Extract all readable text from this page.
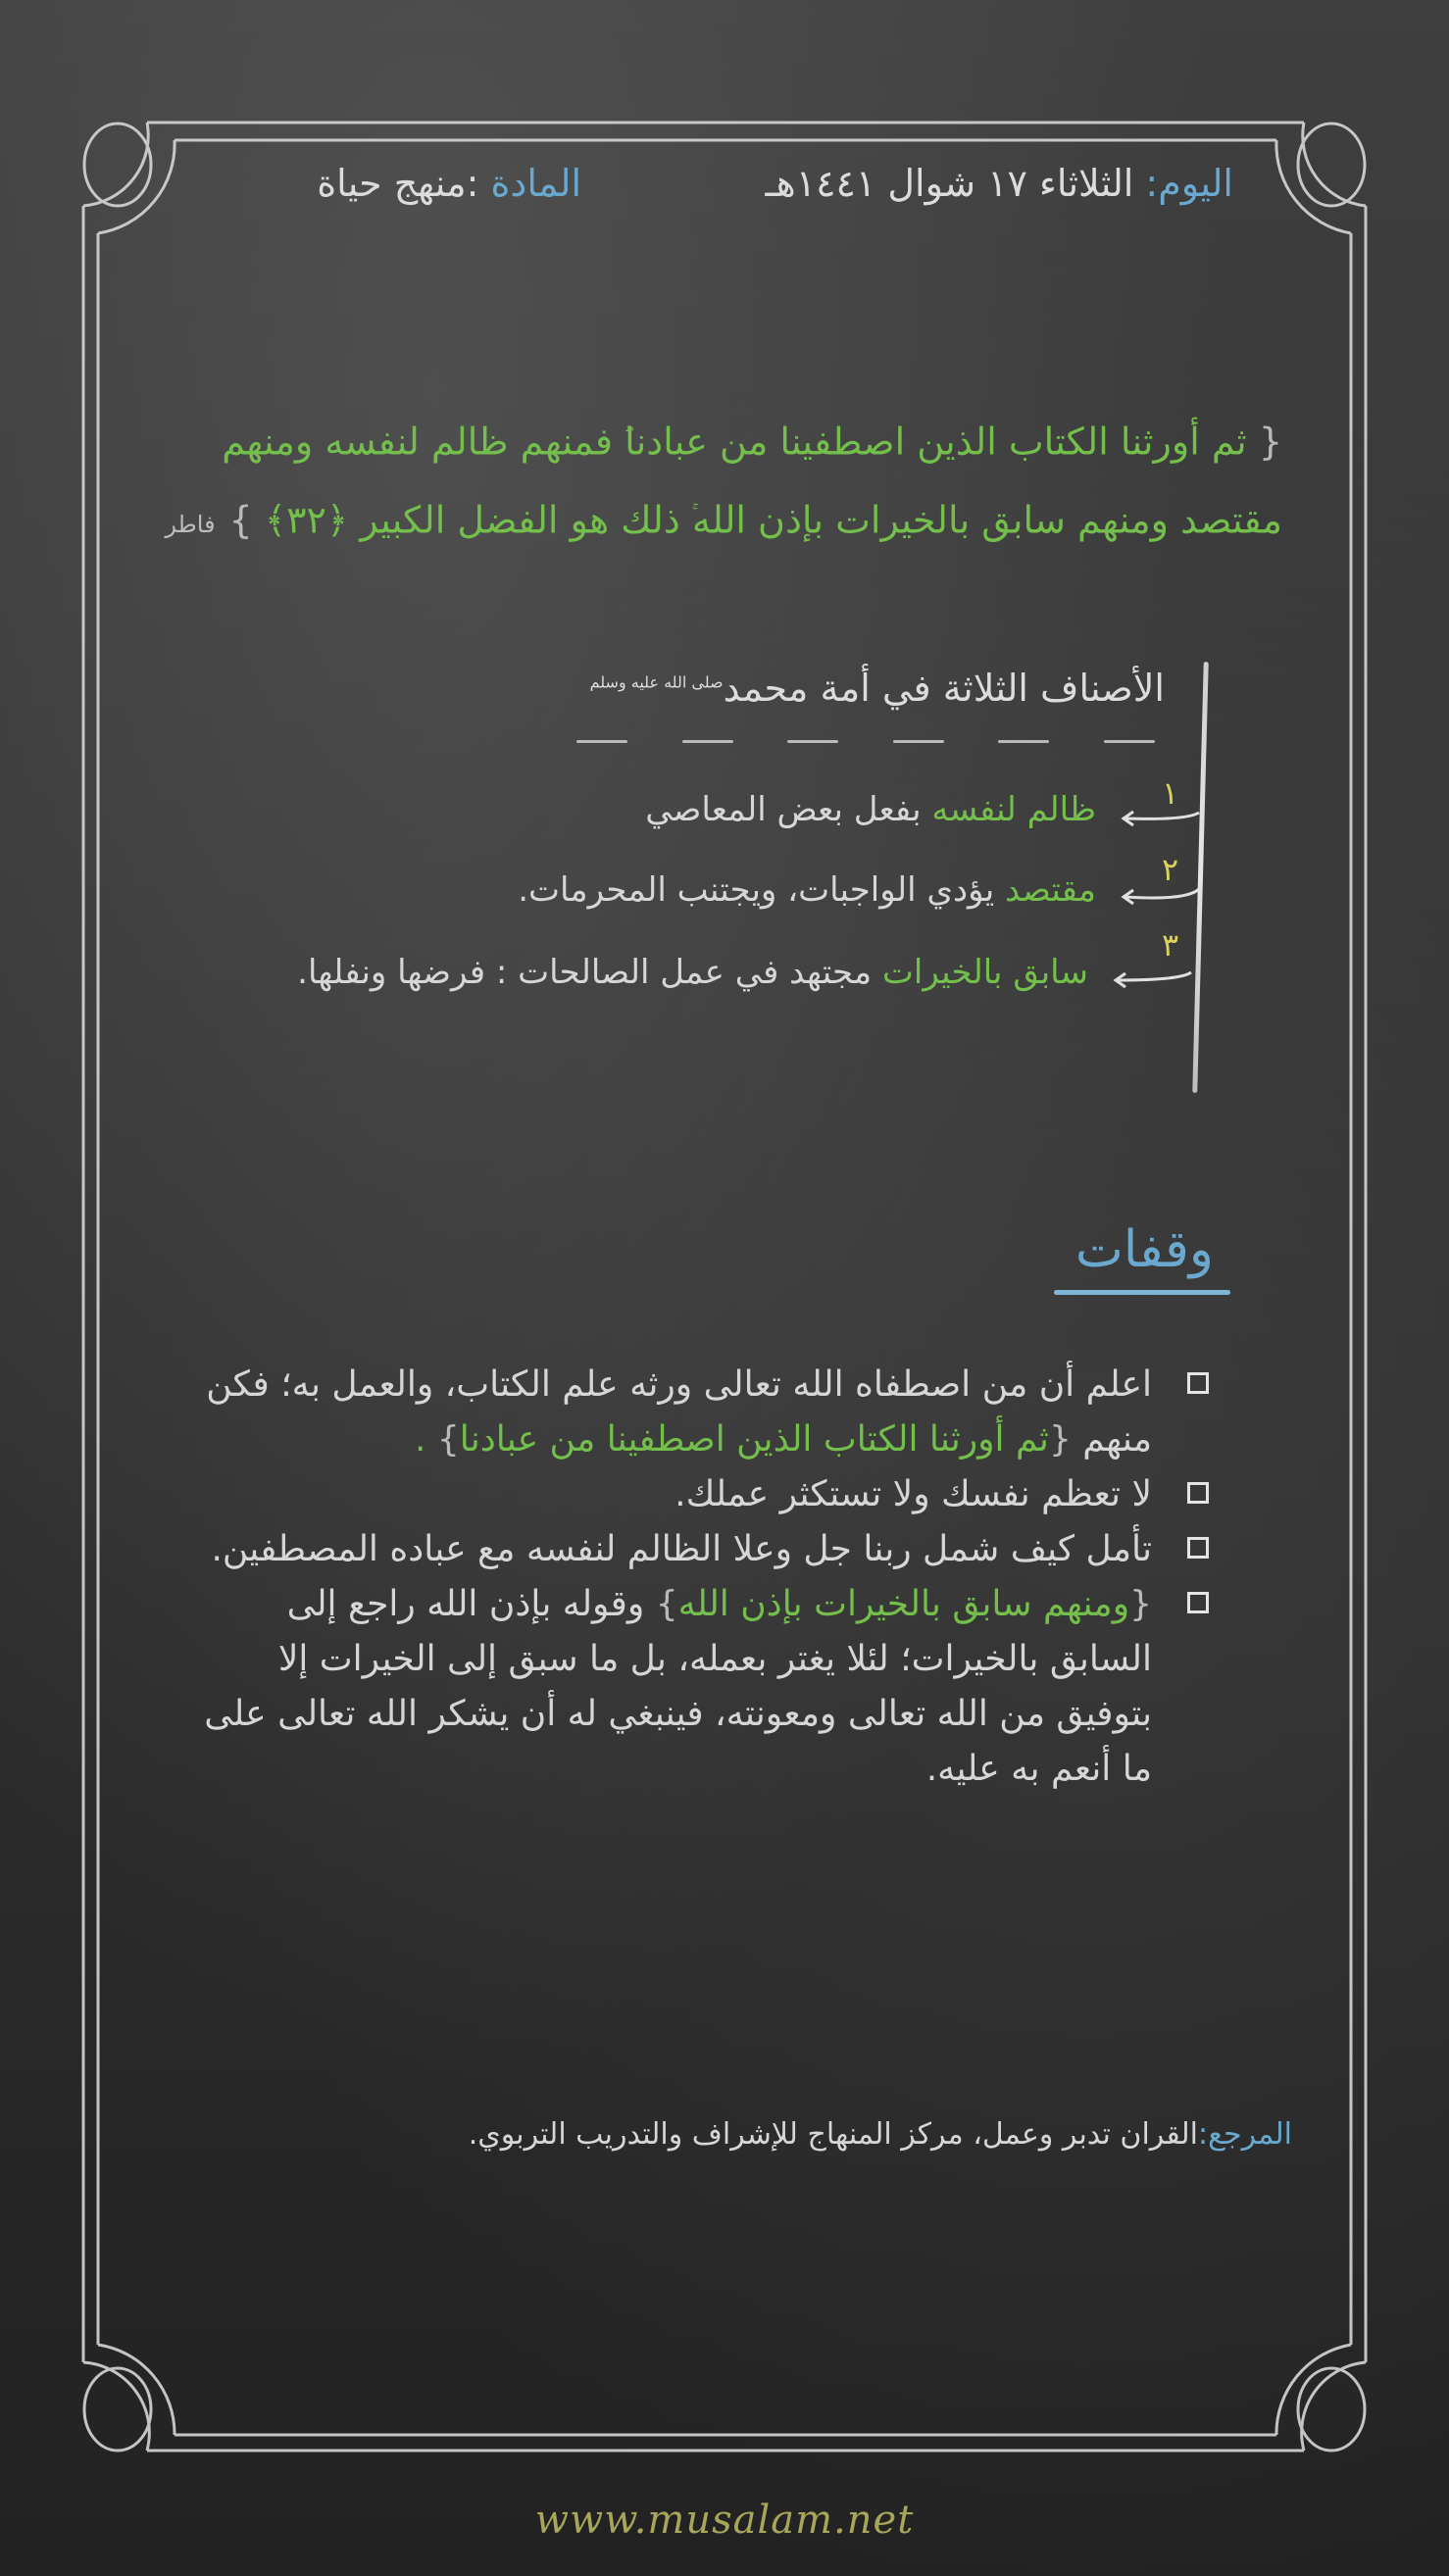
اليوم: الثلاثاء ١٧ شوال ١٤٤١هـ
المادة :منهج حياة
{ ثم أورثنا الكتاب الذين اصطفينا من عبادنا فمنهم ظالم لنفسه ومنهم
مقتصد ومنهم سابق بالخيرات بإذن الله ذلك هو الفضل الكبير ﴿٣٢﴾ }فاطر
الأصناف الثلاثة في أمة محمد$^{صلى الله عليه وسلم}$
١
ظالم لنفسه بفعل بعض المعاصي
٢
مقتصد يؤدي الواجبات، ويجتنب المحرمات.
٣
سابق بالخيرات مجتهد في عمل الصالحات : فرضها ونفلها.
وقفات
اعلم أن من اصطفاه الله تعالى ورثه علم الكتاب، والعمل به؛ فكن منهم {ثم أورثنا الكتاب الذين اصطفينا من عبادنا} .
لا تعظم نفسك ولا تستكثر عملك.
تأمل كيف شمل ربنا جل وعلا الظالم لنفسه مع عباده المصطفين.
{ومنهم سابق بالخيرات بإذن الله} وقوله بإذن الله راجع إلى السابق بالخيرات؛ لئلا يغتر بعمله، بل ما سبق إلى الخيرات إلا بتوفيق من الله تعالى ومعونته، فينبغي له أن يشكر الله تعالى على ما أنعم به عليه.
المرجع:القران تدبر وعمل، مركز المنهاج للإشراف والتدريب التربوي.
www.musalam.net
